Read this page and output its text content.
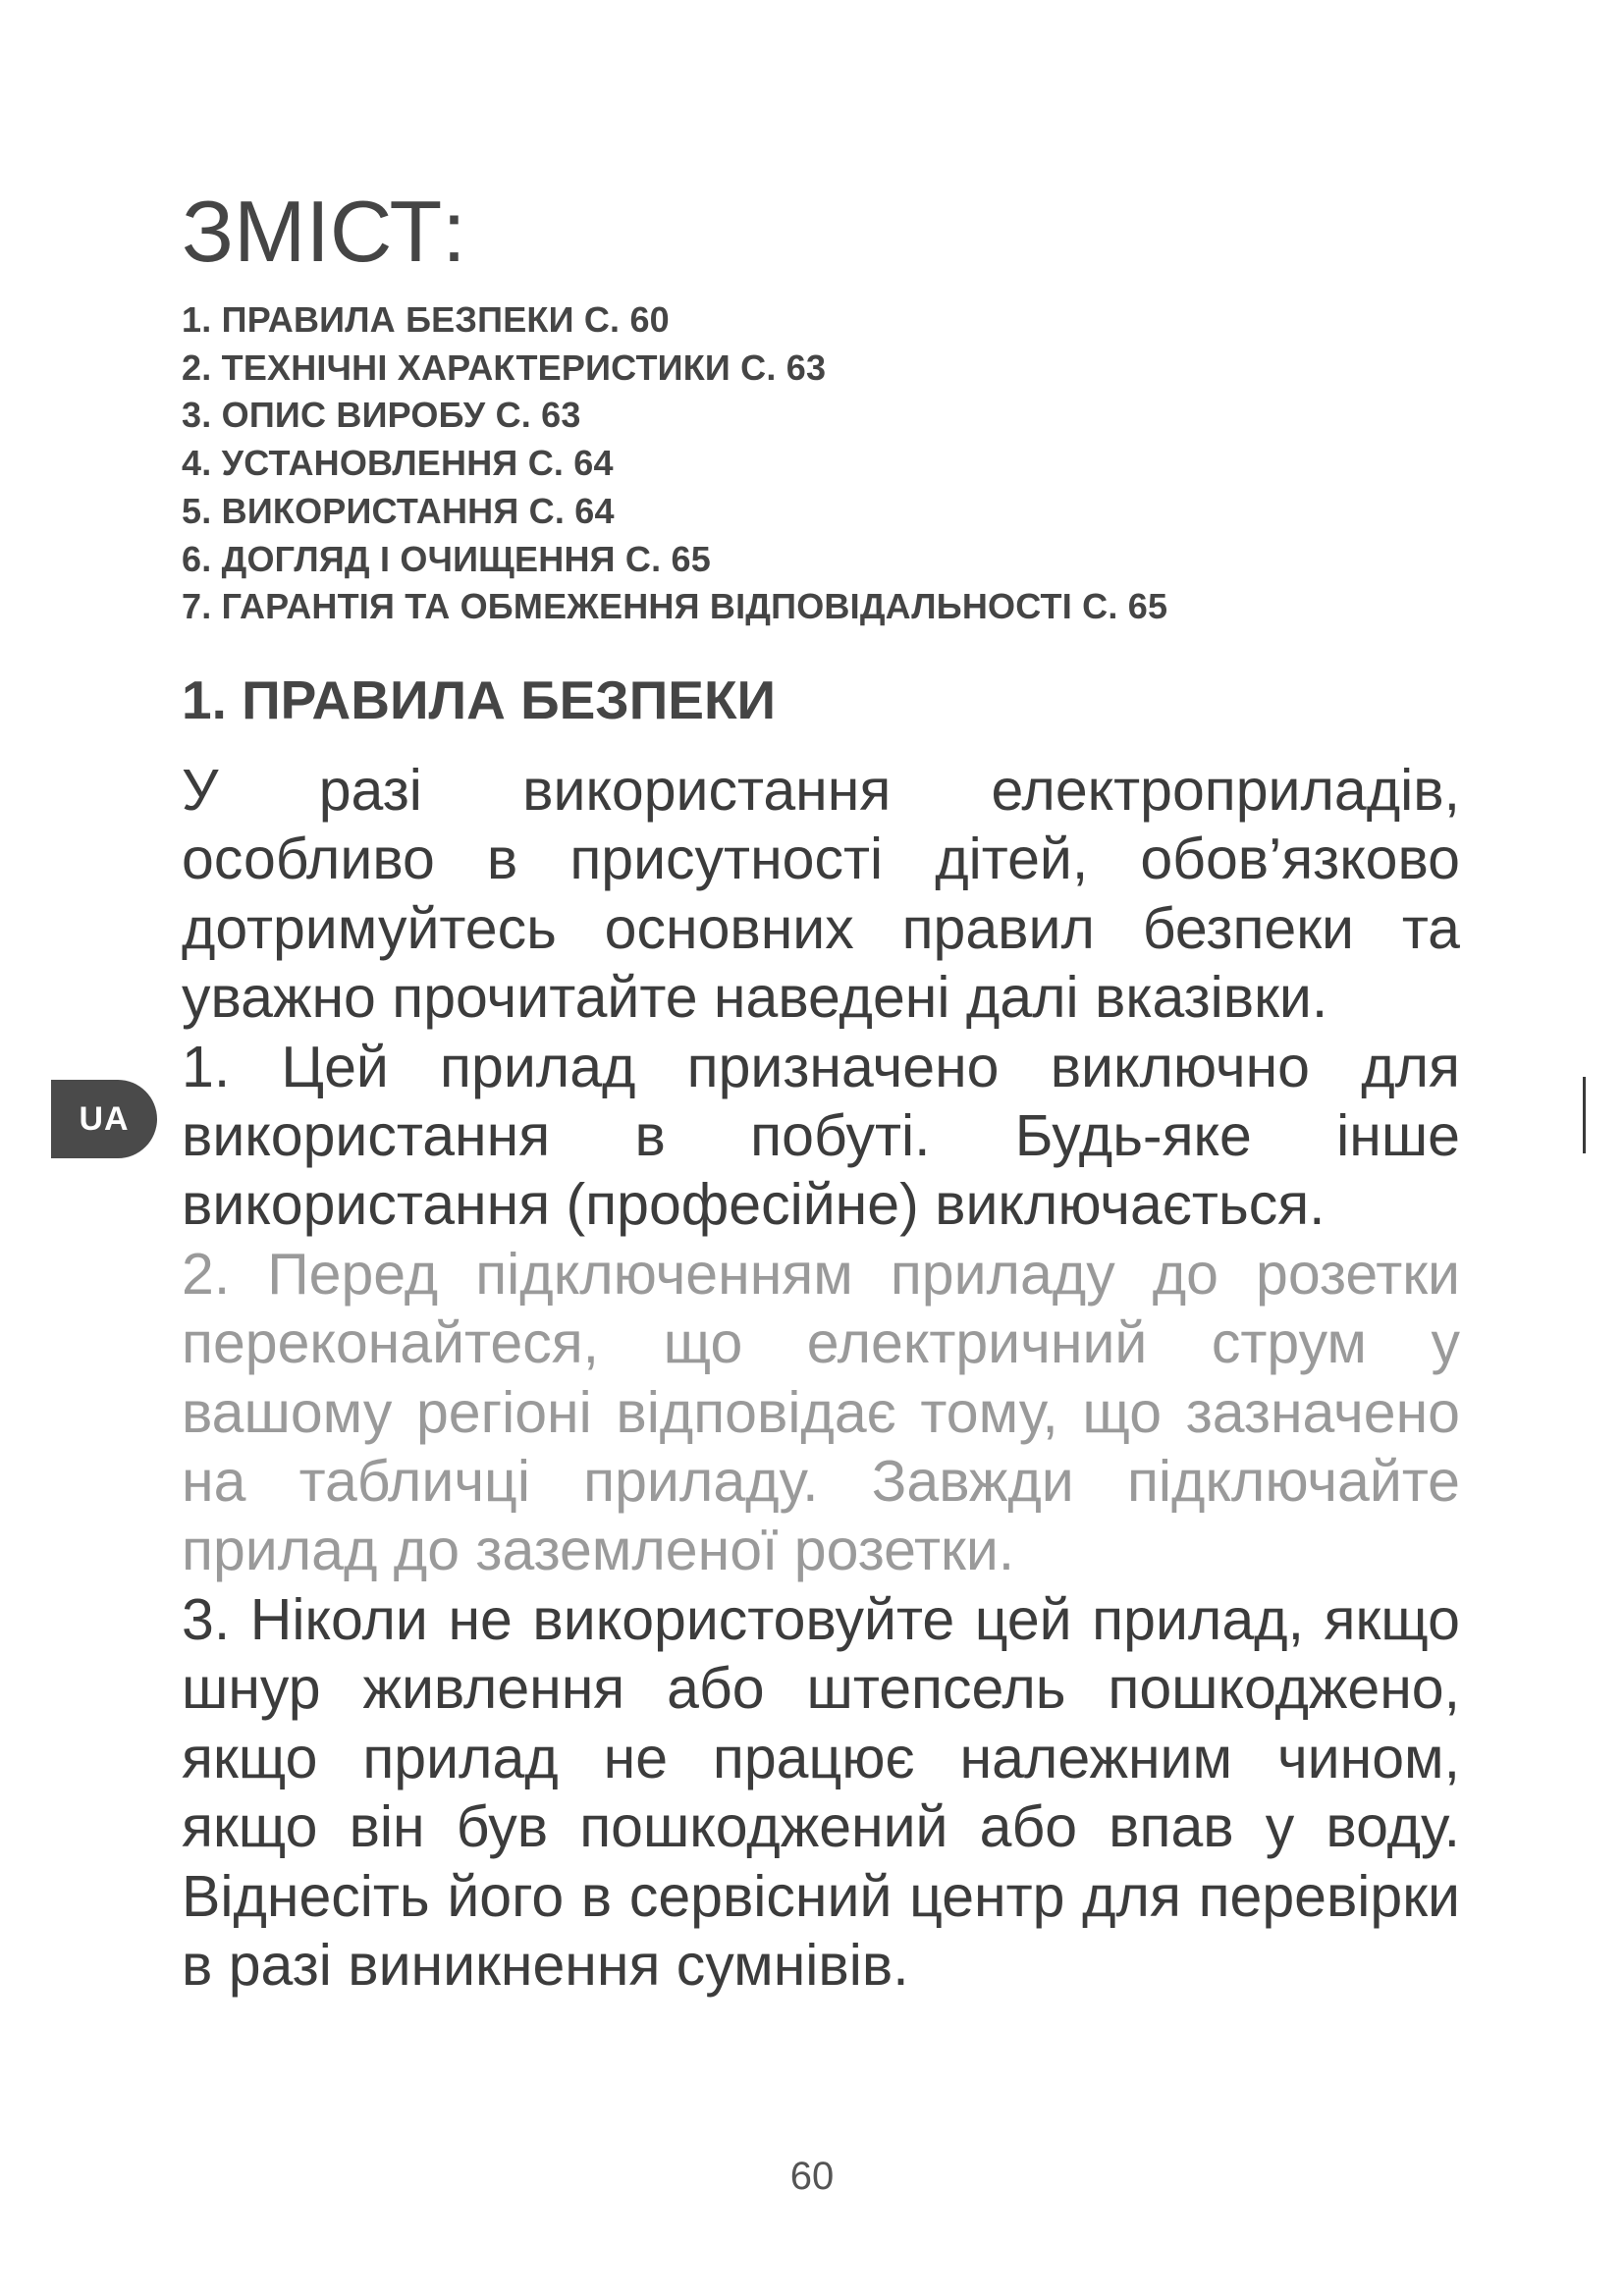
ЗМІСТ:
1. ПРАВИЛА БЕЗПЕКИ С. 60
2. ТЕХНІЧНІ ХАРАКТЕРИСТИКИ С. 63
3. ОПИС ВИРОБУ С. 63
4. УСТАНОВЛЕННЯ С. 64
5. ВИКОРИСТАННЯ С. 64
6. ДОГЛЯД І ОЧИЩЕННЯ С. 65
7. ГАРАНТІЯ ТА ОБМЕЖЕННЯ ВІДПОВІДАЛЬНОСТІ С. 65
1. ПРАВИЛА БЕЗПЕКИ

У разі використання електроприладів, особливо в присутності дітей, обов’язково дотримуйтесь основних правил безпеки та уважно прочитайте наведені далі вказівки.

1. Цей прилад призначено виключно для використання в побуті. Будь-яке інше використання (професійне) виключається.

2. Перед підключенням приладу до розетки переконайтеся, що електричний струм у вашому регіоні відповідає тому, що зазначено на табличці приладу. Завжди підключайте прилад до заземленої розетки.

3. Ніколи не використовуйте цей прилад, якщо шнур живлення або штепсель пошкоджено, якщо прилад не працює належним чином, якщо він був пошкоджений або впав у воду. Віднесіть його в сервісний центр для перевірки в разі виникнення сумнівів.

UA
60
